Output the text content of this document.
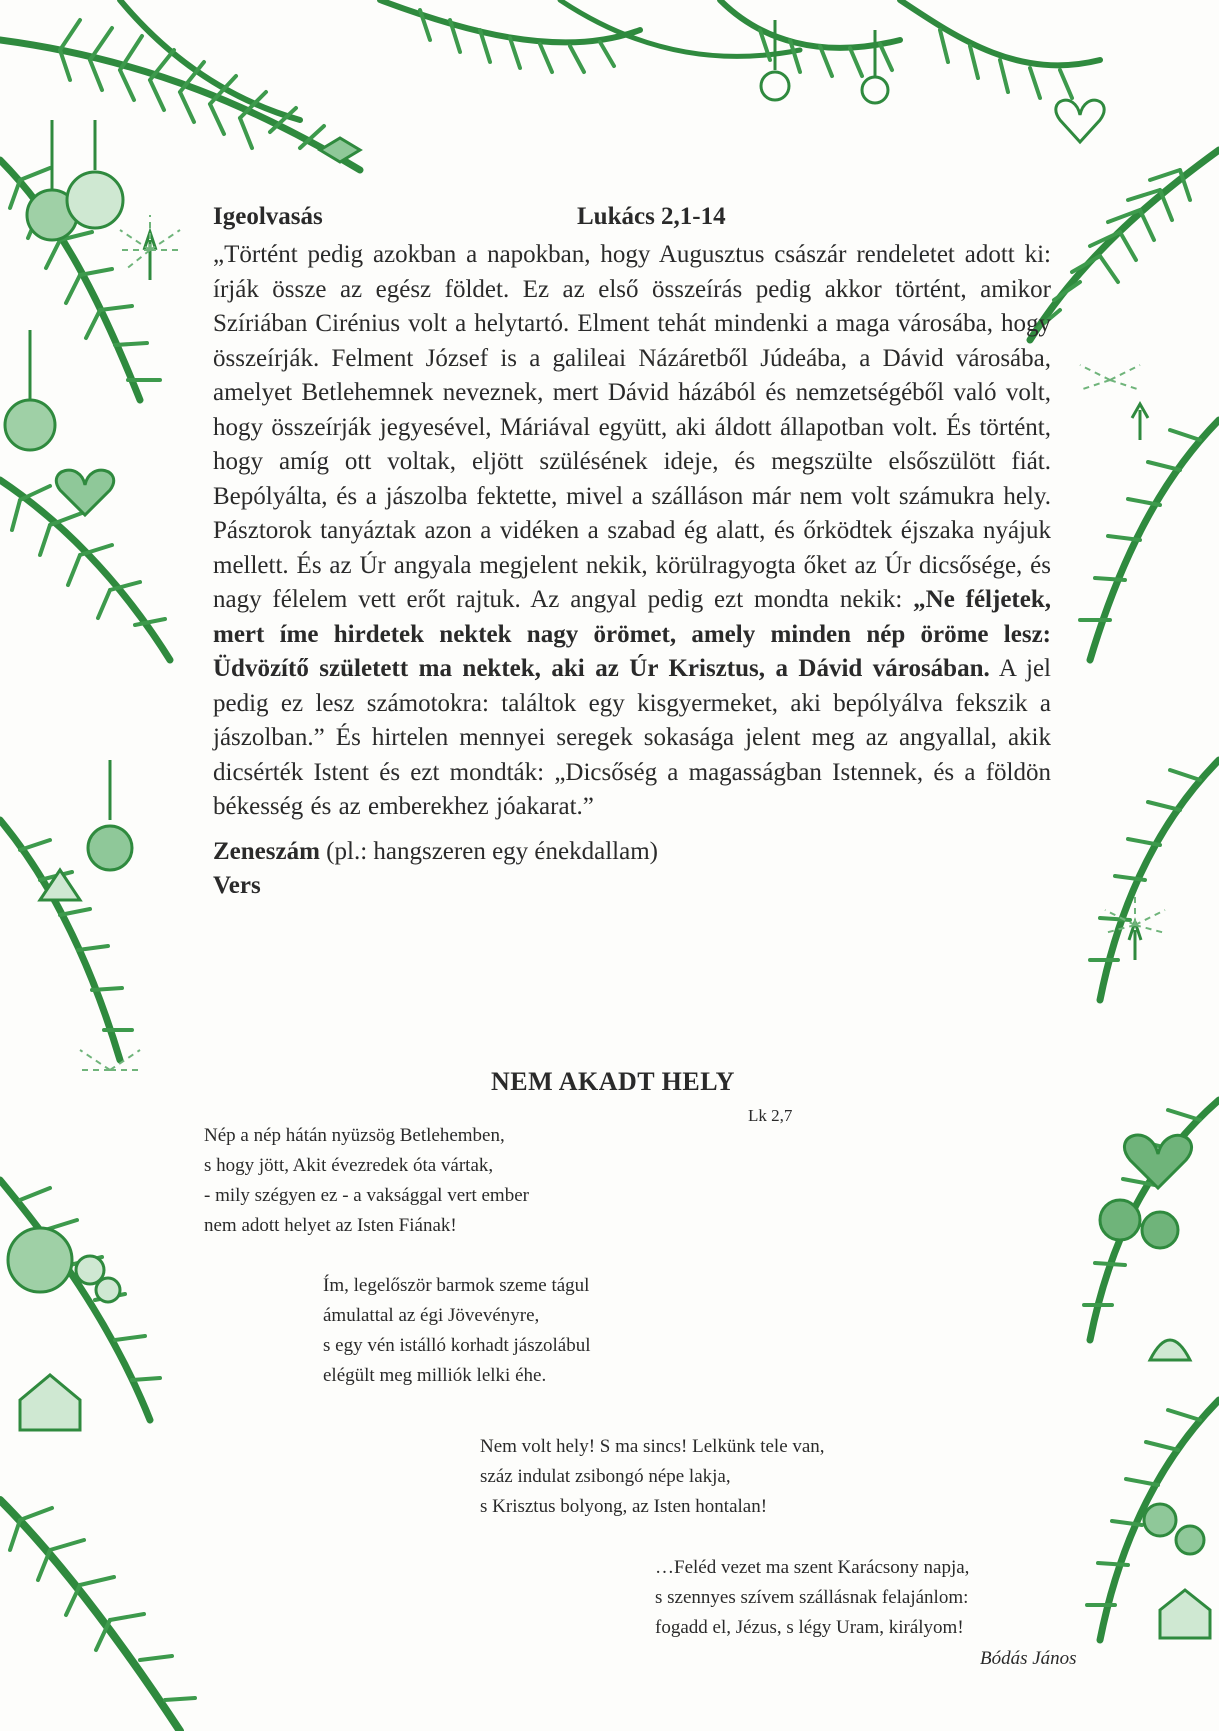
Igeolvasás	Lukács 2,1-14

„Történt pedig azokban a napokban, hogy Augusztus császár rendeletet adott ki: írják össze az egész földet. Ez az első összeírás pedig akkor történt, amikor Szíriában Cirénius volt a helytartó. Elment tehát mindenki a maga városába, hogy összeírják. Felment József is a galileai Názáretből Júdeába, a Dávid városába, amelyet Betlehemnek neveznek, mert Dávid házából és nemzetségéből való volt, hogy összeírják jegyesével, Máriával együtt, aki áldott állapotban volt. És történt, hogy amíg ott voltak, eljött szülésének ideje, és megszülte elsőszülött fiát. Bepólyálta, és a jászolba fektette, mivel a szálláson már nem volt számukra hely. Pásztorok tanyáztak azon a vidéken a szabad ég alatt, és őrködtek éjszaka nyájuk mellett. És az Úr angyala megjelent nekik, körülragyogta őket az Úr dicsősége, és nagy félelem vett erőt rajtuk. Az angyal pedig ezt mondta nekik: „Ne féljetek, mert íme hirdetek nektek nagy örömet, amely minden nép öröme lesz: Üdvözítő született ma nektek, aki az Úr Krisztus, a Dávid városában. A jel pedig ez lesz számotokra: találtok egy kisgyermeket, aki bepólyálva fekszik a jászolban.” És hirtelen mennyei seregek sokasága jelent meg az angyallal, akik dicsérték Istent és ezt mondták: „Dicsőség a magasságban Istennek, és a földön békesség és az emberekhez jóakarat.”

Zeneszám (pl.: hangszeren egy énekdallam)
Vers
NEM AKADT HELY
Lk 2,7
Nép a nép hátán nyüzsög Betlehemben,
s hogy jött, Akit évezredek óta vártak,
- mily szégyen ez - a vaksággal vert ember
nem adott helyet az Isten Fiának!
Ím, legelőször barmok szeme tágul
ámulattal az égi Jövevényre,
s egy vén istálló korhadt jászolábul
elégült meg milliók lelki éhe.
Nem volt hely! S ma sincs! Lelkünk tele van,
száz indulat zsibongó népe lakja,
s Krisztus bolyong, az Isten hontalan!
…Feléd vezet ma szent Karácsony napja,
s szennyes szívem szállásnak felajánlom:
fogadd el, Jézus, s légy Uram, királyom!
Bódás János
